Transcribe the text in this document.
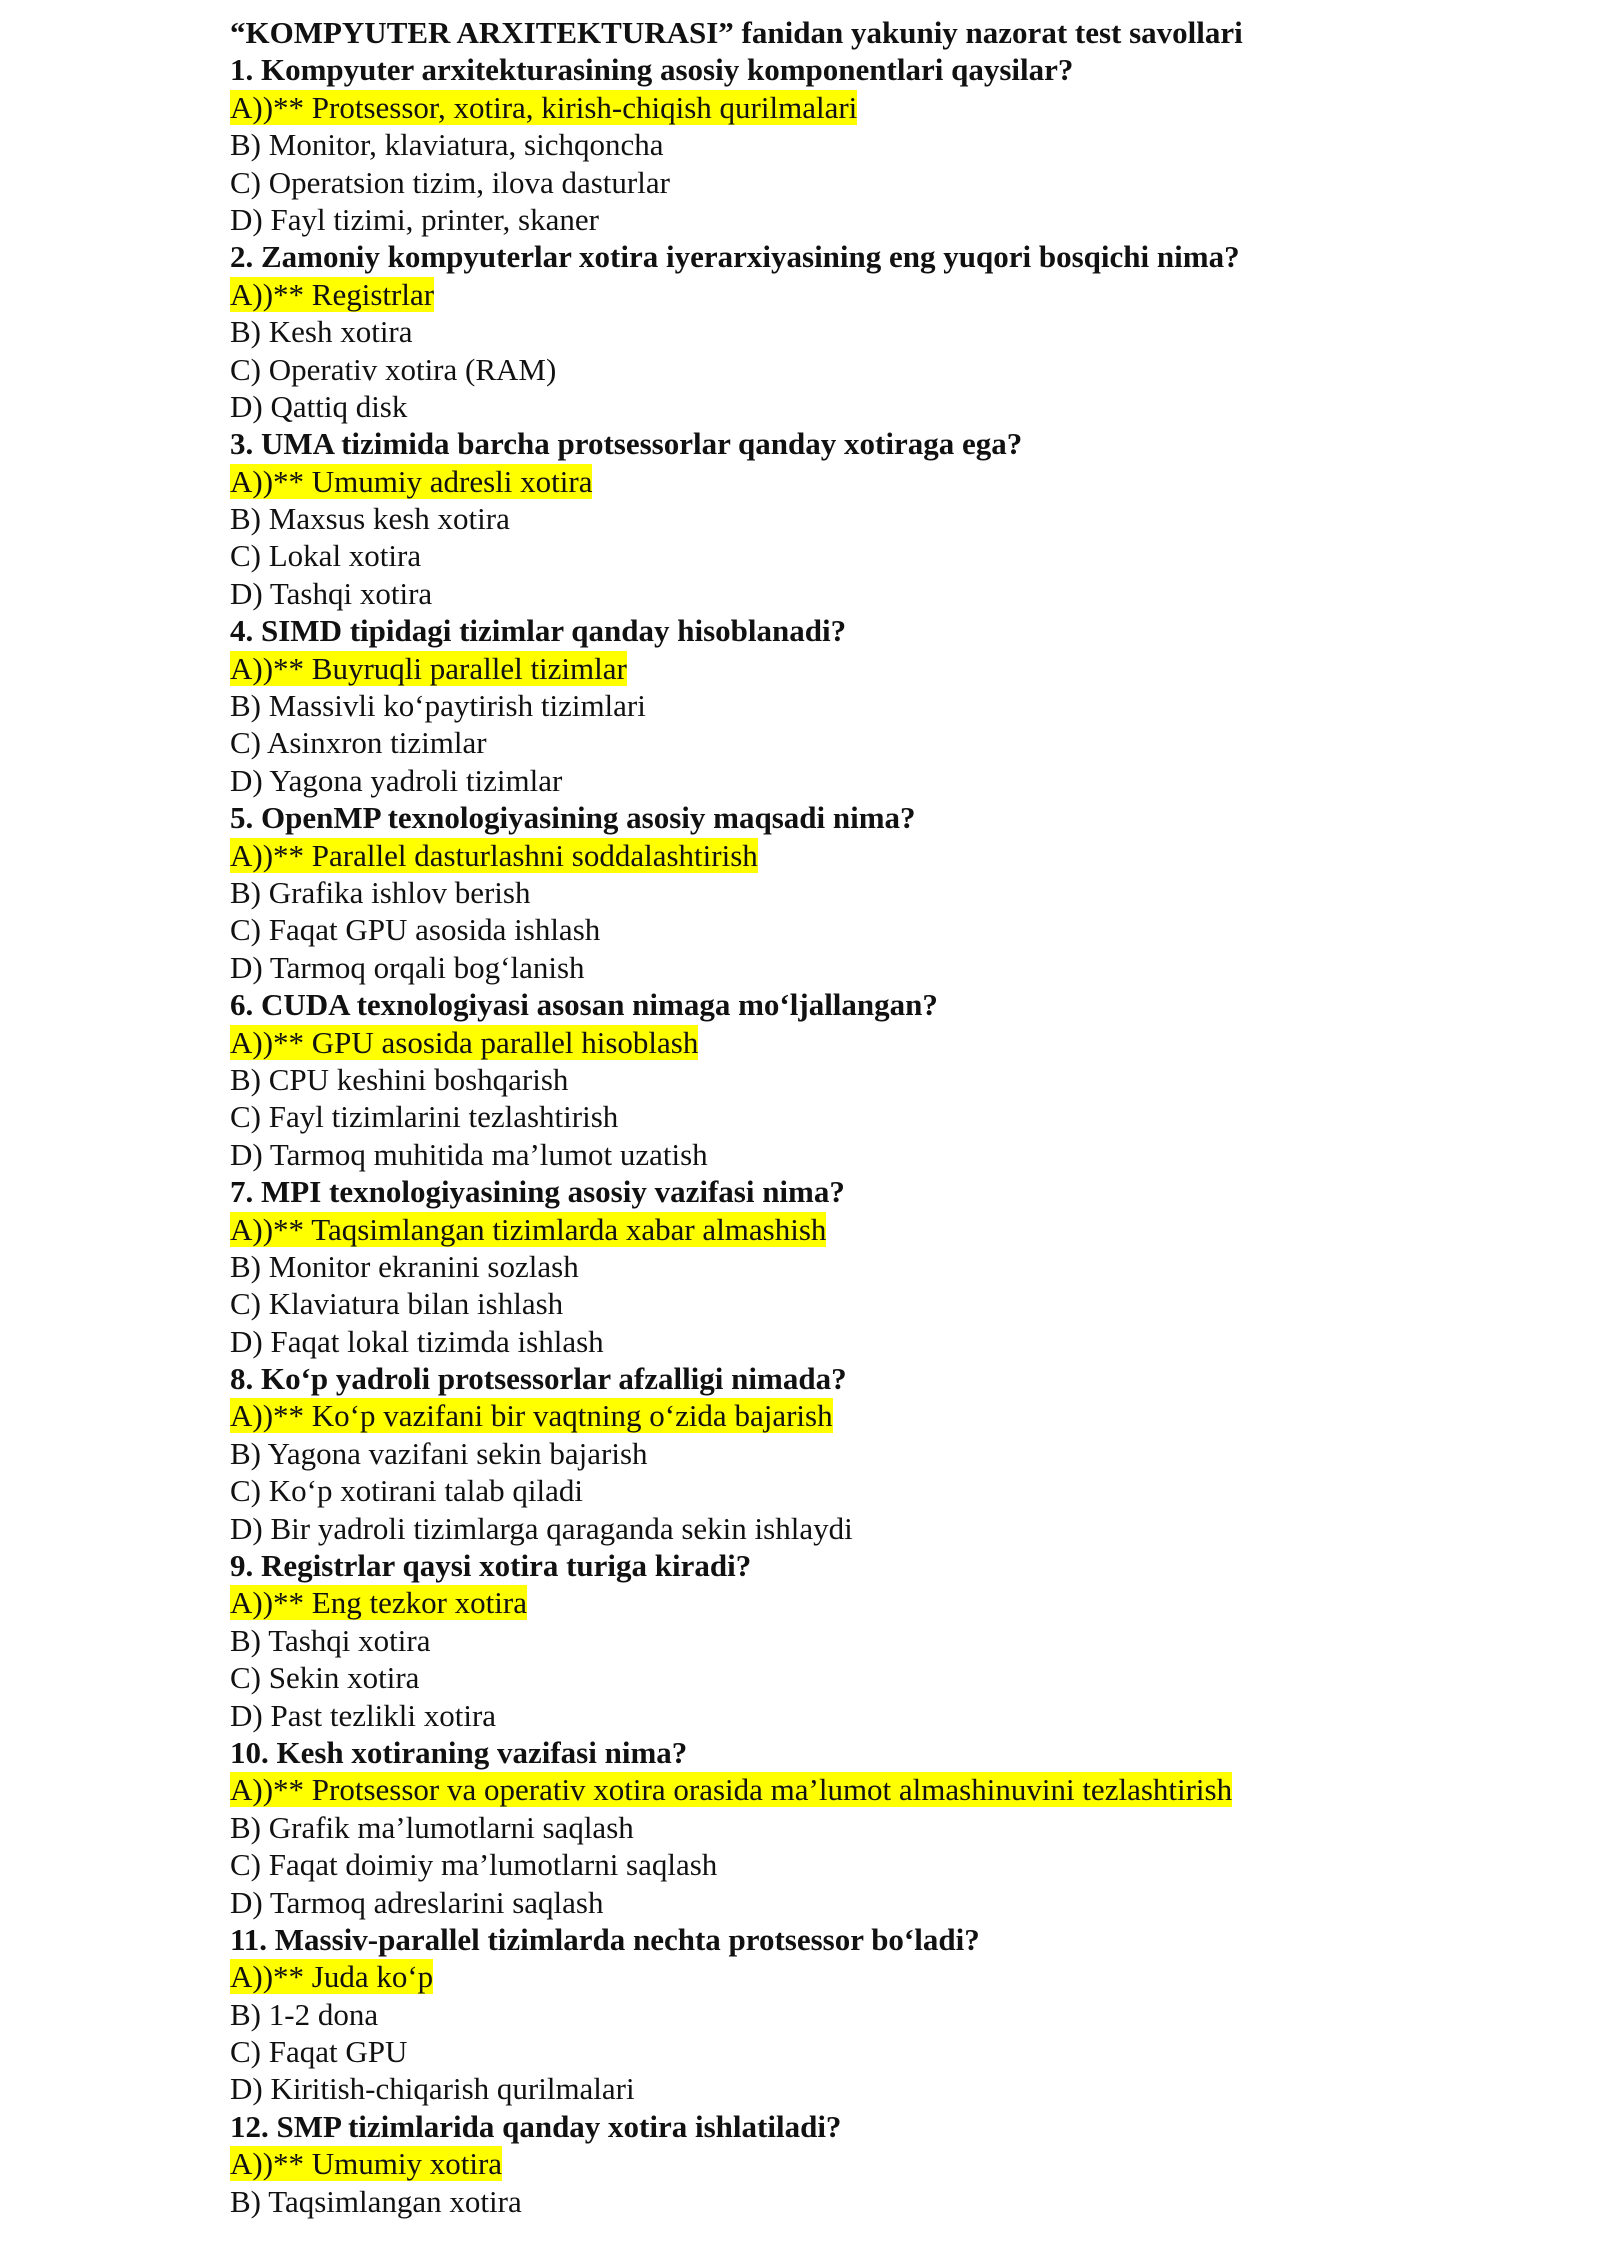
“KOMPYUTER ARXITEKTURASI” fanidan yakuniy nazorat test savollari
1. Kompyuter arxitekturasining asosiy komponentlari qaysilar?
A))** Protsessor, xotira, kirish-chiqish qurilmalari
B) Monitor, klaviatura, sichqoncha
C) Operatsion tizim, ilova dasturlar
D) Fayl tizimi, printer, skaner
2. Zamoniy kompyuterlar xotira iyerarxiyasining eng yuqori bosqichi nima?
A))** Registrlar
B) Kesh xotira
C) Operativ xotira (RAM)
D) Qattiq disk
3. UMA tizimida barcha protsessorlar qanday xotiraga ega?
A))** Umumiy adresli xotira
B) Maxsus kesh xotira
C) Lokal xotira
D) Tashqi xotira
4. SIMD tipidagi tizimlar qanday hisoblanadi?
A))** Buyruqli parallel tizimlar
B) Massivli ko‘paytirish tizimlari
C) Asinxron tizimlar
D) Yagona yadroli tizimlar
5. OpenMP texnologiyasining asosiy maqsadi nima?
A))** Parallel dasturlashni soddalashtirish
B) Grafika ishlov berish
C) Faqat GPU asosida ishlash
D) Tarmoq orqali bog‘lanish
6. CUDA texnologiyasi asosan nimaga mo‘ljallangan?
A))** GPU asosida parallel hisoblash
B) CPU keshini boshqarish
C) Fayl tizimlarini tezlashtirish
D) Tarmoq muhitida ma’lumot uzatish
7. MPI texnologiyasining asosiy vazifasi nima?
A))** Taqsimlangan tizimlarda xabar almashish
B) Monitor ekranini sozlash
C) Klaviatura bilan ishlash
D) Faqat lokal tizimda ishlash
8. Ko‘p yadroli protsessorlar afzalligi nimada?
A))** Ko‘p vazifani bir vaqtning o‘zida bajarish
B) Yagona vazifani sekin bajarish
C) Ko‘p xotirani talab qiladi
D) Bir yadroli tizimlarga qaraganda sekin ishlaydi
9. Registrlar qaysi xotira turiga kiradi?
A))** Eng tezkor xotira
B) Tashqi xotira
C) Sekin xotira
D) Past tezlikli xotira
10. Kesh xotiraning vazifasi nima?
A))** Protsessor va operativ xotira orasida ma’lumot almashinuvini tezlashtirish
B) Grafik ma’lumotlarni saqlash
C) Faqat doimiy ma’lumotlarni saqlash
D) Tarmoq adreslarini saqlash
11. Massiv-parallel tizimlarda nechta protsessor bo‘ladi?
A))** Juda ko‘p
B) 1-2 dona
C) Faqat GPU
D) Kiritish-chiqarish qurilmalari
12. SMP tizimlarida qanday xotira ishlatiladi?
A))** Umumiy xotira
B) Taqsimlangan xotira
